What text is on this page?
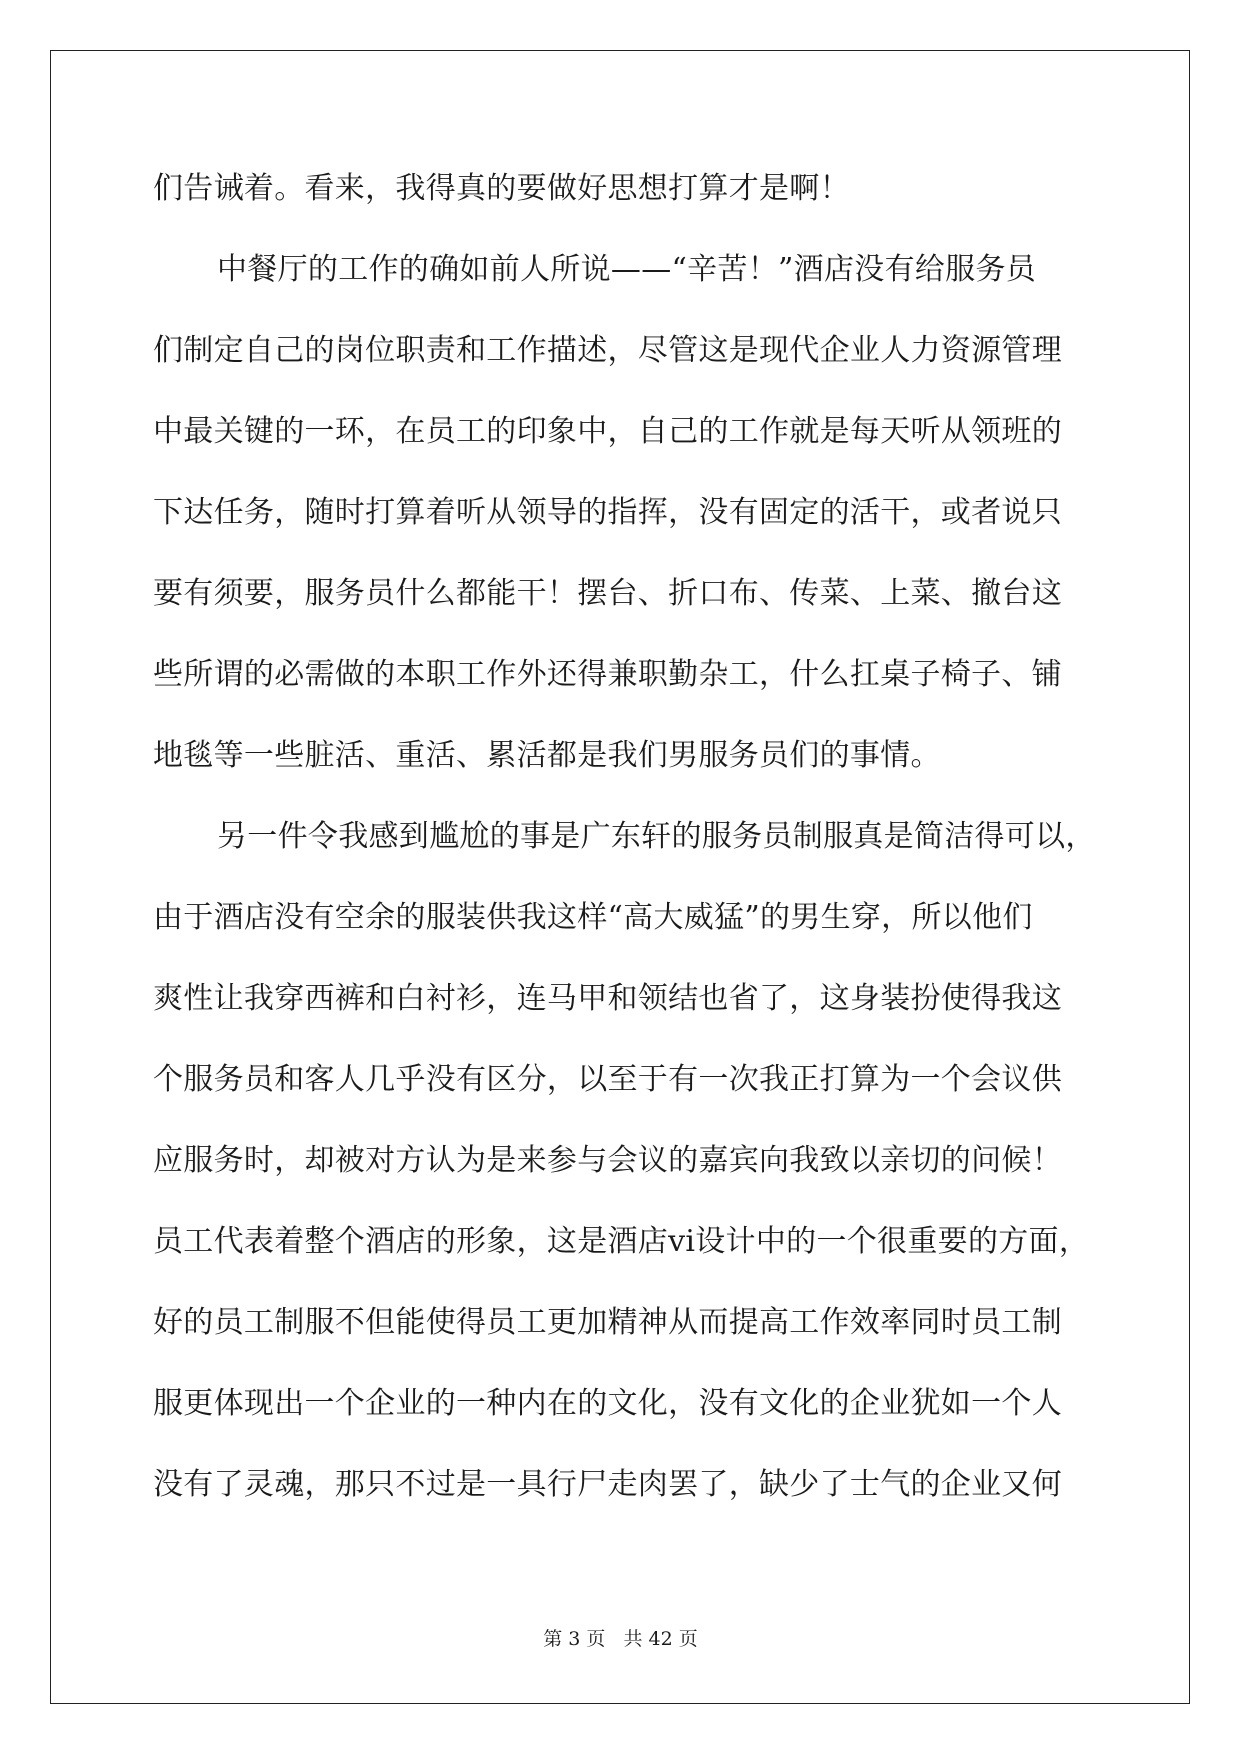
们告诫着。看来，我得真的要做好思想打算才是啊！
中餐厅的工作的确如前人所说——“辛苦！”酒店没有给服务员
们制定自己的岗位职责和工作描述，尽管这是现代企业人力资源管理
中最关键的一环，在员工的印象中，自己的工作就是每天听从领班的
下达任务，随时打算着听从领导的指挥，没有固定的活干，或者说只
要有须要，服务员什么都能干！摆台、折口布、传菜、上菜、撤台这
些所谓的必需做的本职工作外还得兼职勤杂工，什么扛桌子椅子、铺
地毯等一些脏活、重活、累活都是我们男服务员们的事情。
另一件令我感到尴尬的事是广东轩的服务员制服真是简洁得可以，
由于酒店没有空余的服装供我这样“高大威猛”的男生穿，所以他们
爽性让我穿西裤和白衬衫，连马甲和领结也省了，这身装扮使得我这
个服务员和客人几乎没有区分，以至于有一次我正打算为一个会议供
应服务时，却被对方认为是来参与会议的嘉宾向我致以亲切的问候！
员工代表着整个酒店的形象，这是酒店vi设计中的一个很重要的方面，
好的员工制服不但能使得员工更加精神从而提高工作效率同时员工制
服更体现出一个企业的一种内在的文化，没有文化的企业犹如一个人
没有了灵魂，那只不过是一具行尸走肉罢了，缺少了士气的企业又何
第 3 页 共 42 页
